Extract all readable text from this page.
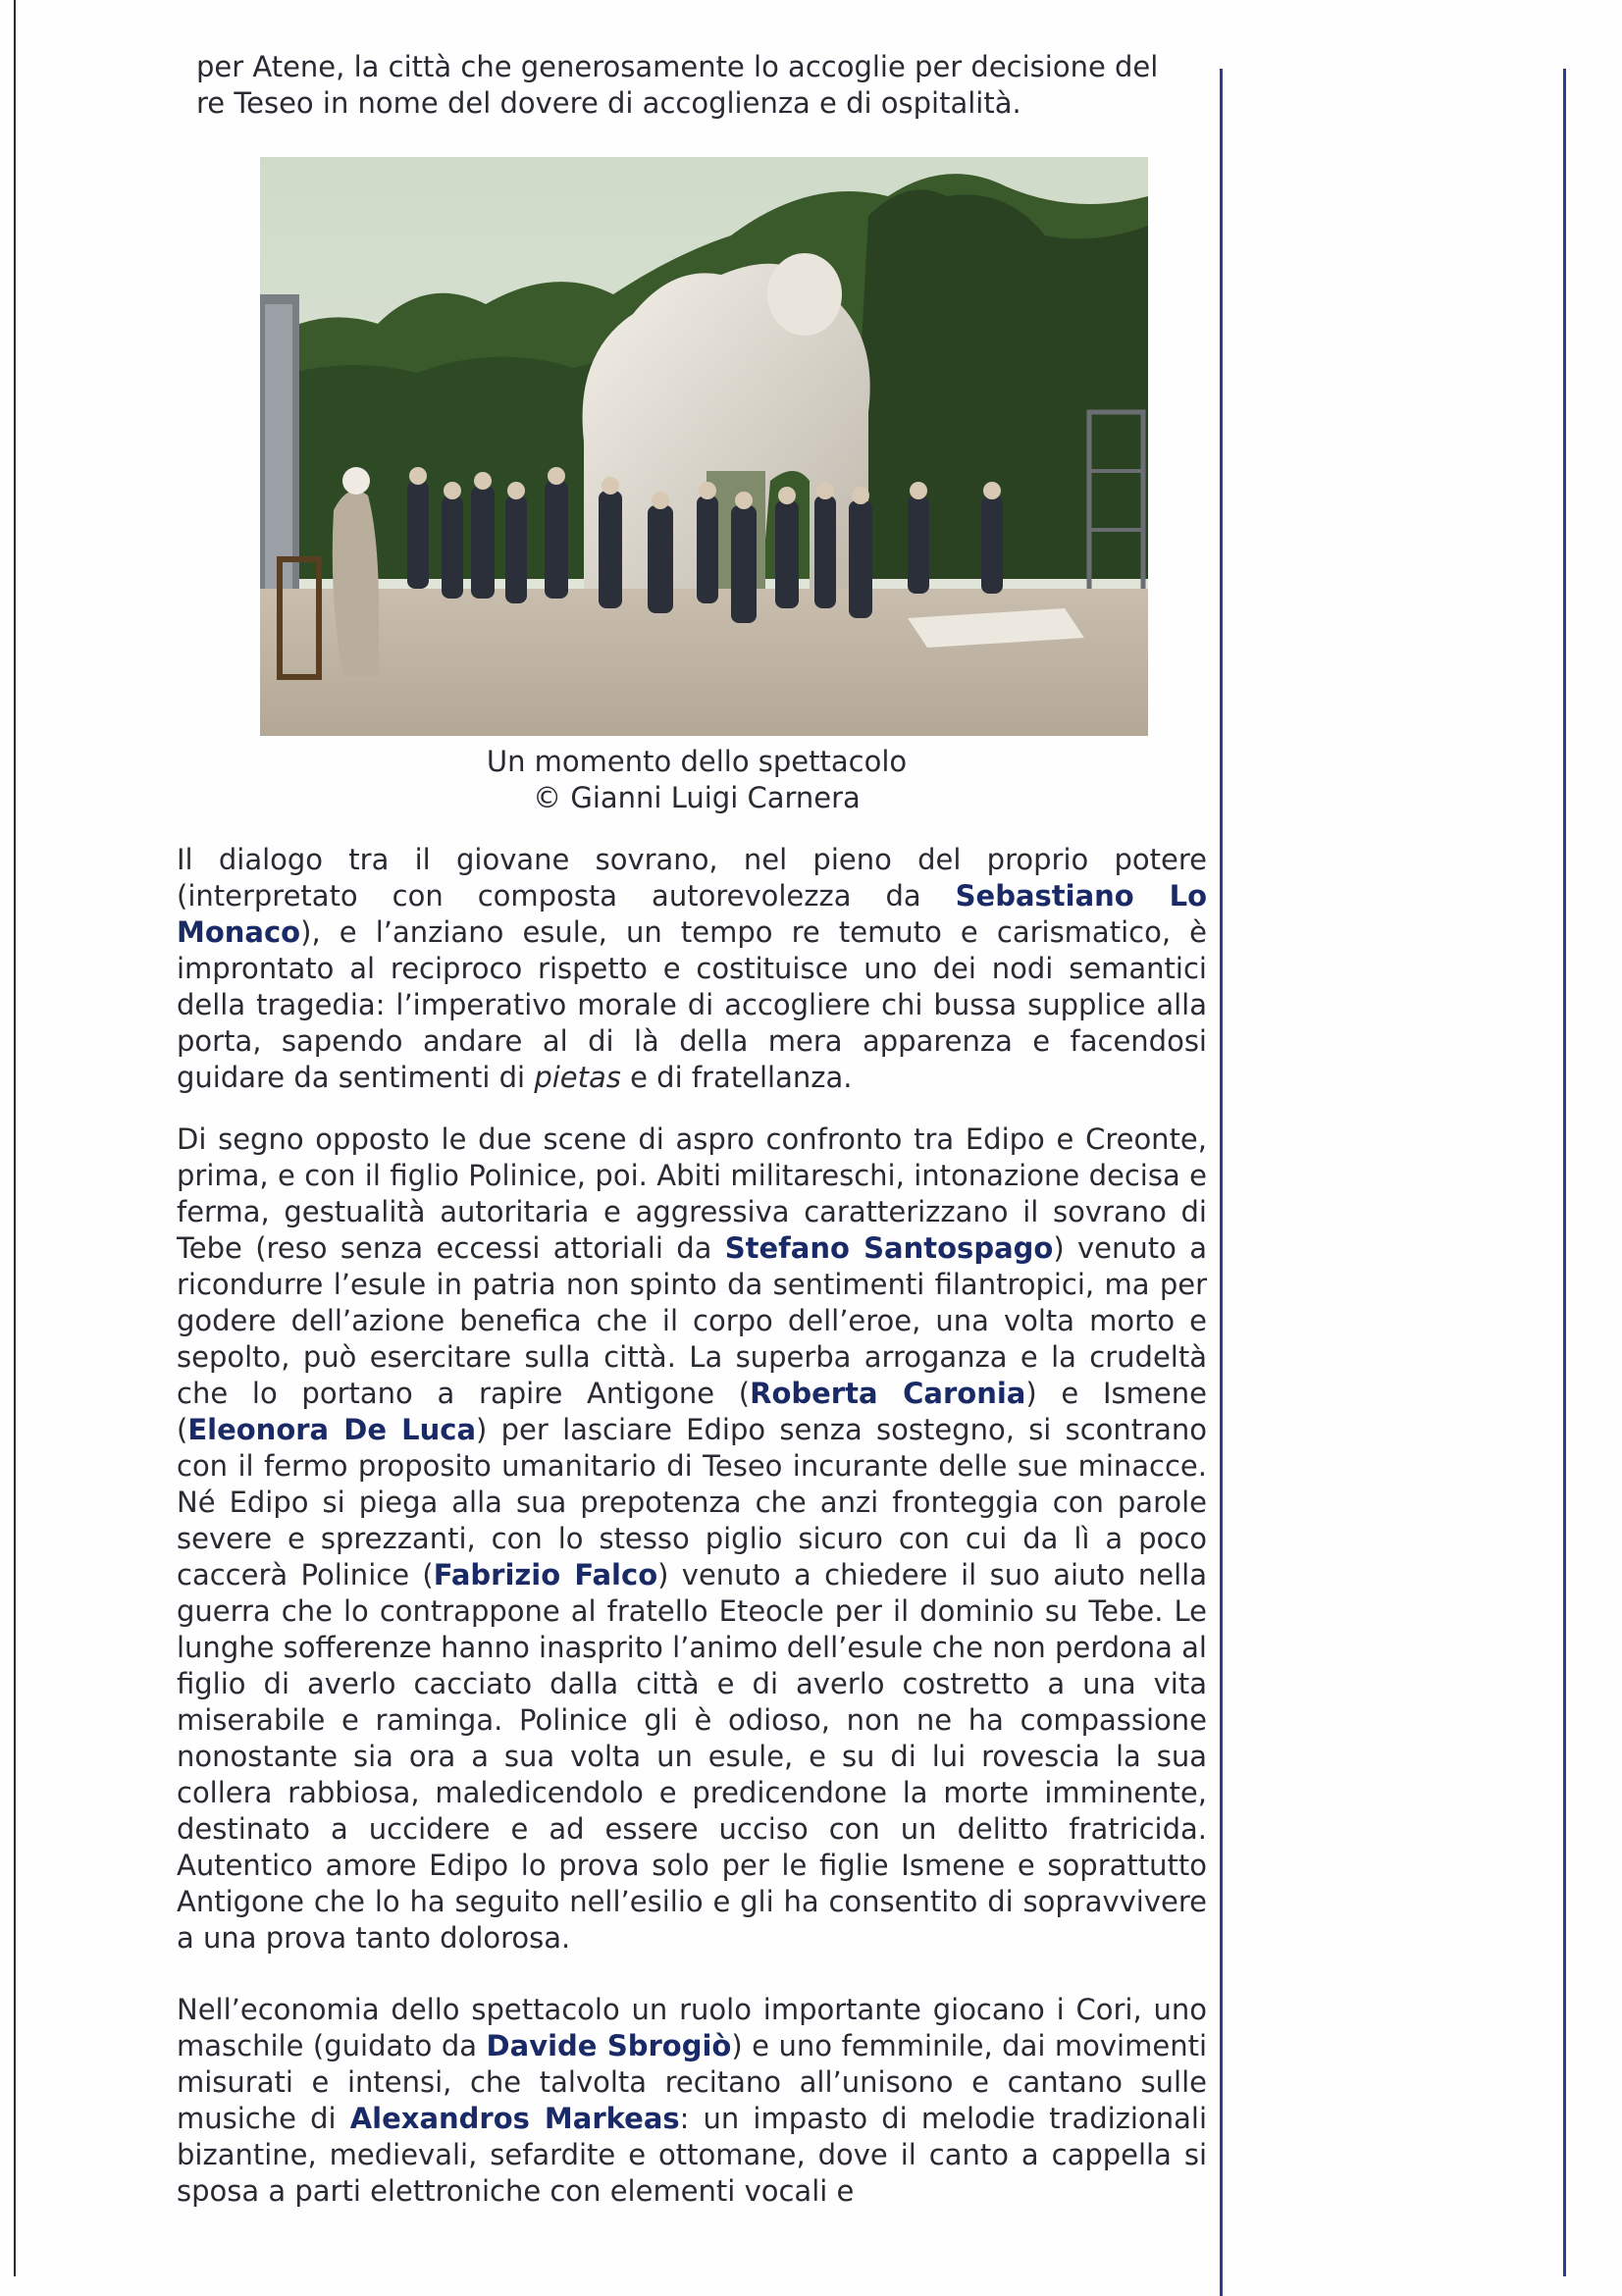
per Atene, la città che generosamente lo accoglie per decisione del

re Teseo in nome del dovere di accoglienza e di ospitalità.

Un momento dello spettacolo
© Gianni Luigi Carnera

Il dialogo tra il giovane sovrano, nel pieno del proprio potere (interpretato con composta autorevolezza da Sebastiano Lo Monaco), e l’anziano esule, un tempo re temuto e carismatico, è improntato al reciproco rispetto e costituisce uno dei nodi semantici della tragedia: l’imperativo morale di accogliere chi bussa supplice alla porta, sapendo andare al di là della mera apparenza e facendosi guidare da sentimenti di pietas e di fratellanza.

Di segno opposto le due scene di aspro confronto tra Edipo e Creonte, prima, e con il figlio Polinice, poi. Abiti militareschi, intonazione decisa e ferma, gestualità autoritaria e aggressiva caratterizzano il sovrano di Tebe (reso senza eccessi attoriali da Stefano Santospago) venuto a ricondurre l’esule in patria non spinto da sentimenti filantropici, ma per godere dell’azione benefica che il corpo dell’eroe, una volta morto e sepolto, può esercitare sulla città. La superba arroganza e la crudeltà che lo portano a rapire Antigone (Roberta Caronia) e Ismene (Eleonora De Luca) per lasciare Edipo senza sostegno, si scontrano con il fermo proposito umanitario di Teseo incurante delle sue minacce. Né Edipo si piega alla sua prepotenza che anzi fronteggia con parole severe e sprezzanti, con lo stesso piglio sicuro con cui da lì a poco caccerà Polinice (Fabrizio Falco) venuto a chiedere il suo aiuto nella guerra che lo contrappone al fratello Eteocle per il dominio su Tebe. Le lunghe sofferenze hanno inasprito l’animo dell’esule che non perdona al figlio di averlo cacciato dalla città e di averlo costretto a una vita miserabile e raminga. Polinice gli è odioso, non ne ha compassione nonostante sia ora a sua volta un esule, e su di lui rovescia la sua collera rabbiosa, maledicendolo e predicendone la morte imminente, destinato a uccidere e ad essere ucciso con un delitto fratricida. Autentico amore Edipo lo prova solo per le figlie Ismene e soprattutto Antigone che lo ha seguito nell’esilio e gli ha consentito di sopravvivere a una prova tanto dolorosa.

Nell’economia dello spettacolo un ruolo importante giocano i Cori, uno maschile (guidato da Davide Sbrogiò) e uno femminile, dai movimenti misurati e intensi, che talvolta recitano all’unisono e cantano sulle musiche di Alexandros Markeas: un impasto di melodie tradizionali bizantine, medievali, sefardite e ottomane, dove il canto a cappella si sposa a parti elettroniche con elementi vocali e
